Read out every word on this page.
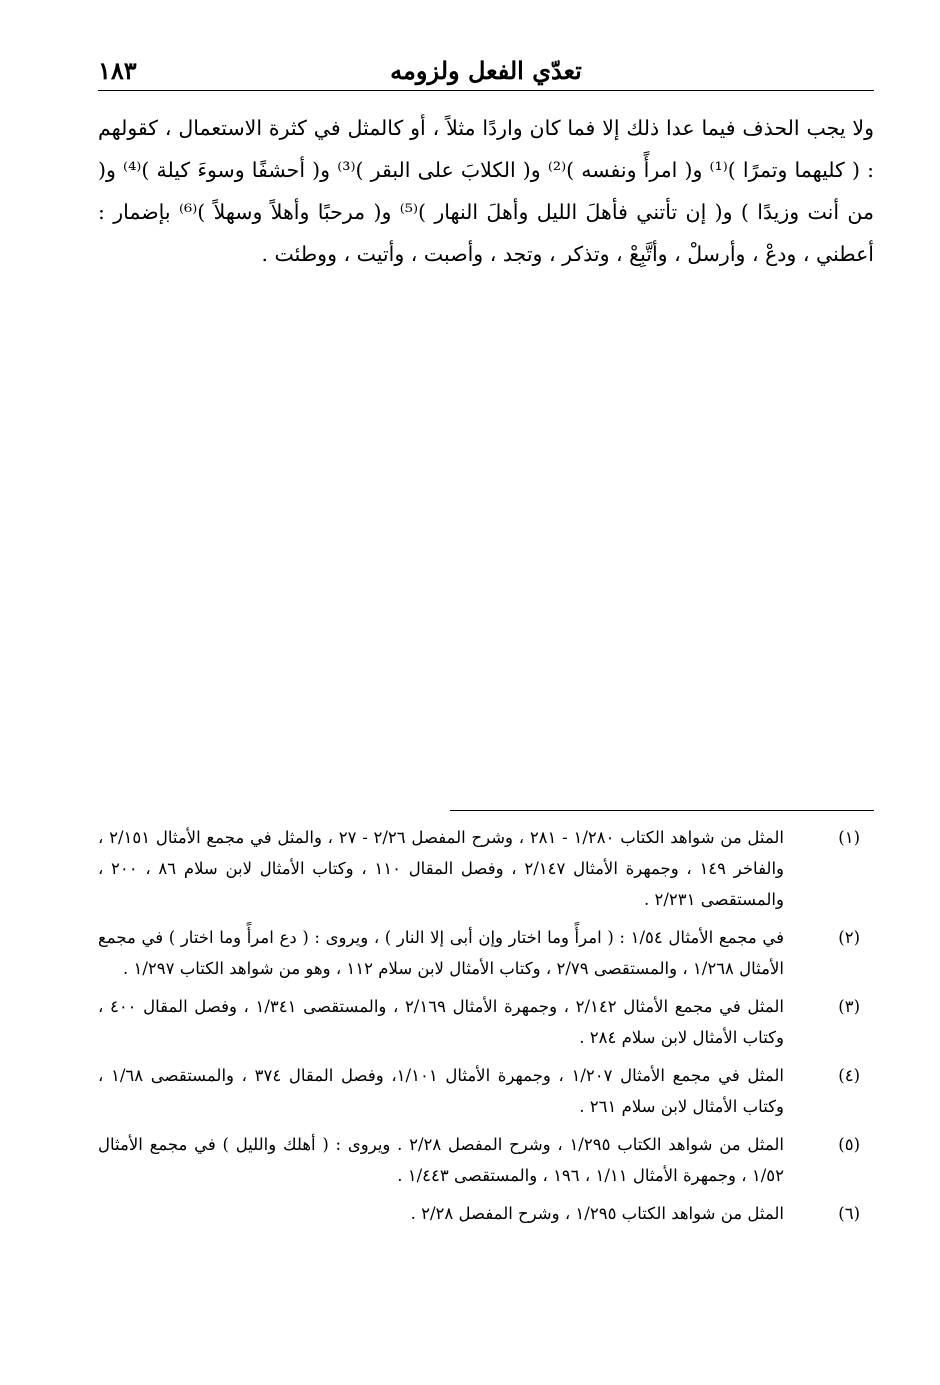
تعدّي الفعل ولزومه
١٨٣

ولا يجب الحذف فيما عدا ذلك إلا فما كان واردًا مثلاً ، أو كالمثل في كثرة الاستعمال ، كقولهم : ( كليهما وتمرًا )⁽¹⁾ و( امرأً ونفسه )⁽²⁾ و( الكلابَ على البقر )⁽³⁾ و( أحشفًا وسوءَ كيلة )⁽⁴⁾ و( من أنت وزيدًا ) و( إن تأتني فأهلَ الليل وأهلَ النهار )⁽⁵⁾ و( مرحبًا وأهلاً وسهلاً )⁽⁶⁾ بإضمار : أعطني ، ودعْ ، وأرسلْ ، وأتَّبِعْ ، وتذكر ، وتجد ، وأصبت ، وأتيت ، ووطئت .

(١)
المثل من شواهد الكتاب ١/٢٨٠ - ٢٨١ ، وشرح المفصل ٢/٢٦ - ٢٧ ، والمثل في مجمع الأمثال ٢/١٥١ ، والفاخر ١٤٩ ، وجمهرة الأمثال ٢/١٤٧ ، وفصل المقال ١١٠ ، وكتاب الأمثال لابن سلام ٨٦ ، ٢٠٠ ، والمستقصى ٢/٢٣١ .
(٢)
في مجمع الأمثال ١/٥٤ : ( امرأً وما اختار وإن أبى إلا النار ) ، ويروى : ( دع امرأً وما اختار ) في مجمع الأمثال ١/٢٦٨ ، والمستقصى ٢/٧٩ ، وكتاب الأمثال لابن سلام ١١٢ ، وهو من شواهد الكتاب ١/٢٩٧ .
(٣)
المثل في مجمع الأمثال ٢/١٤٢ ، وجمهرة الأمثال ٢/١٦٩ ، والمستقصى ١/٣٤١ ، وفصل المقال ٤٠٠ ، وكتاب الأمثال لابن سلام ٢٨٤ .
(٤)
المثل في مجمع الأمثال ١/٢٠٧ ، وجمهرة الأمثال ١/١٠١، وفصل المقال ٣٧٤ ، والمستقصى ١/٦٨ ، وكتاب الأمثال لابن سلام ٢٦١ .
(٥)
المثل من شواهد الكتاب ١/٢٩٥ ، وشرح المفصل ٢/٢٨ . ويروى : ( أهلك والليل ) في مجمع الأمثال ١/٥٢ ، وجمهرة الأمثال ١/١١ ، ١٩٦ ، والمستقصى ١/٤٤٣ .
(٦)
المثل من شواهد الكتاب ١/٢٩٥ ، وشرح المفصل ٢/٢٨ .
